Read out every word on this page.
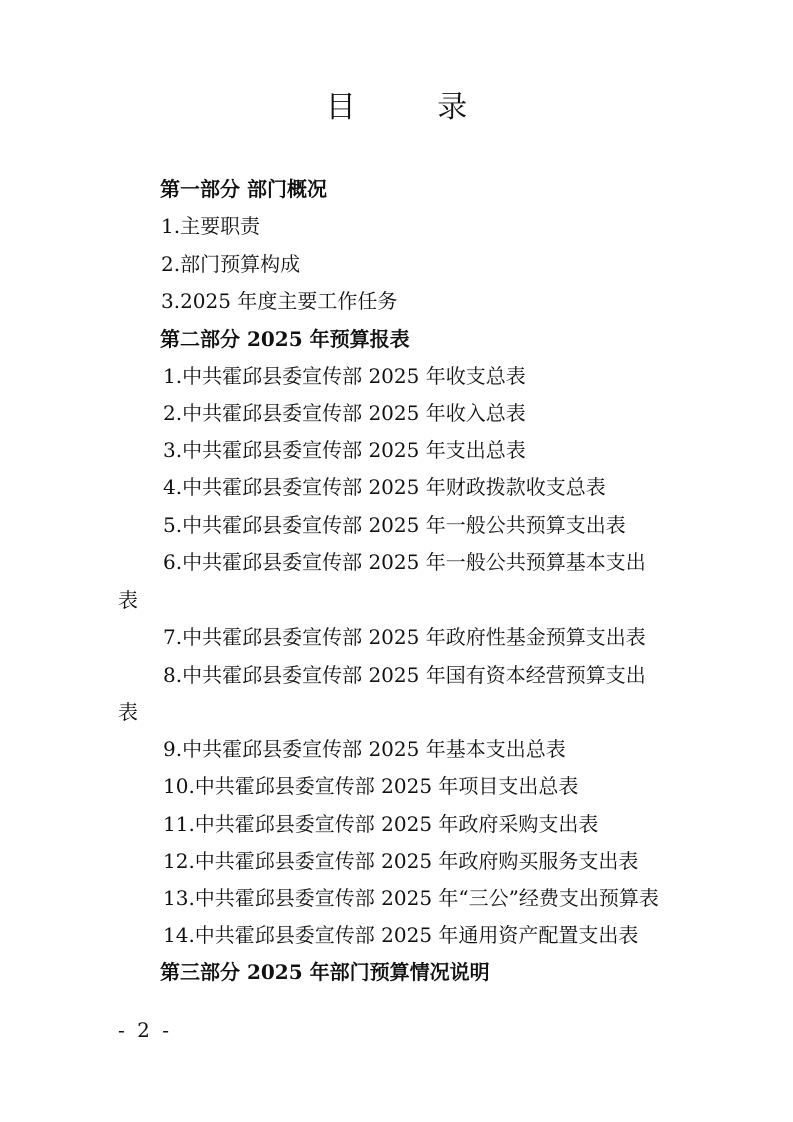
目 录
第一部分 部门概况
1.主要职责
2.部门预算构成
3.2025 年度主要工作任务
第二部分 2025 年预算报表
1.中共霍邱县委宣传部 2025 年收支总表
2.中共霍邱县委宣传部 2025 年收入总表
3.中共霍邱县委宣传部 2025 年支出总表
4.中共霍邱县委宣传部 2025 年财政拨款收支总表
5.中共霍邱县委宣传部 2025 年一般公共预算支出表
6.中共霍邱县委宣传部 2025 年一般公共预算基本支出
表
7.中共霍邱县委宣传部 2025 年政府性基金预算支出表
8.中共霍邱县委宣传部 2025 年国有资本经营预算支出
表
9.中共霍邱县委宣传部 2025 年基本支出总表
10.中共霍邱县委宣传部 2025 年项目支出总表
11.中共霍邱县委宣传部 2025 年政府采购支出表
12.中共霍邱县委宣传部 2025 年政府购买服务支出表
13.中共霍邱县委宣传部 2025 年“三公”经费支出预算表
14.中共霍邱县委宣传部 2025 年通用资产配置支出表
第三部分 2025 年部门预算情况说明
- 2 -
